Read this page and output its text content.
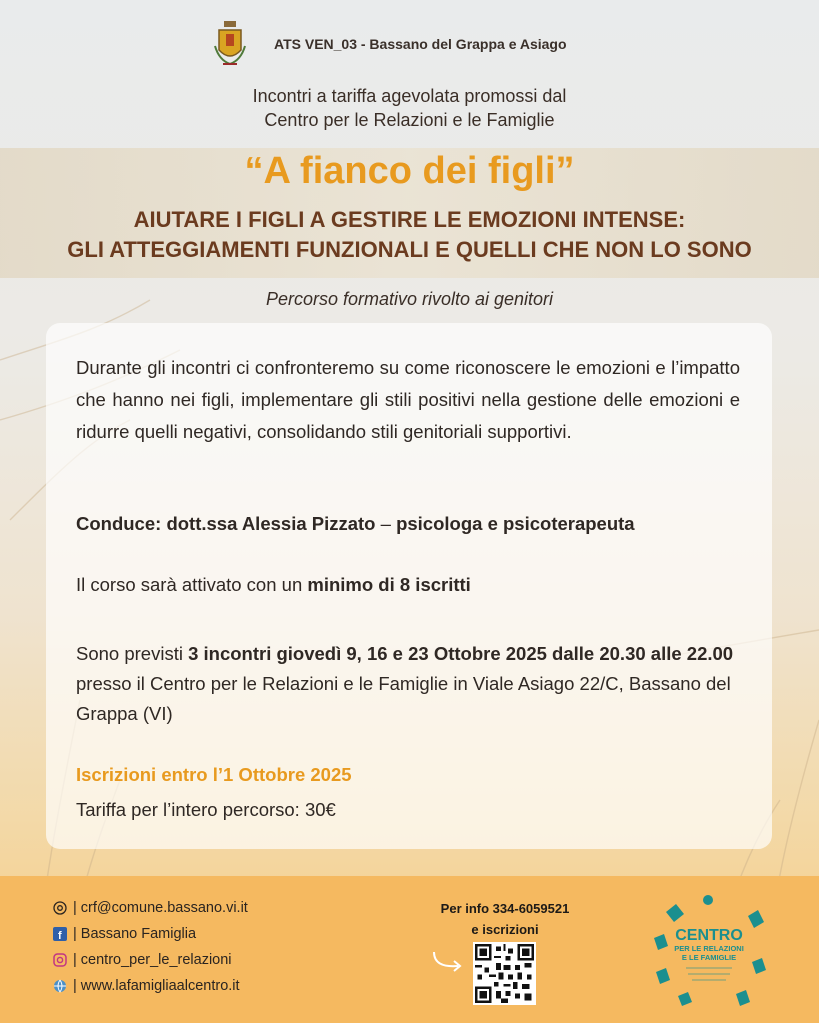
ATS VEN_03 - Bassano del Grappa e Asiago
Incontri a tariffa agevolata promossi dal
Centro per le Relazioni e le Famiglie
“A fianco dei figli”
AIUTARE I FIGLI A GESTIRE LE EMOZIONI INTENSE:
GLI ATTEGGIAMENTI FUNZIONALI E QUELLI CHE NON LO SONO
Percorso formativo rivolto ai genitori
Durante gli incontri ci confronteremo su come riconoscere le emozioni e l’impatto che hanno nei figli, implementare gli stili positivi nella gestione delle emozioni e ridurre quelli negativi, consolidando stili genitoriali supportivi.
Conduce: dott.ssa Alessia Pizzato – psicologa e psicoterapeuta
Il corso sarà attivato con un minimo di 8 iscritti
Sono previsti 3 incontri giovedì 9, 16 e 23 Ottobre 2025 dalle 20.30 alle 22.00 presso il Centro per le Relazioni e le Famiglie in Viale Asiago 22/C, Bassano del Grappa (VI)
Iscrizioni entro l’1 Ottobre 2025
Tariffa per l’intero percorso: 30€
| crf@comune.bassano.vi.it
f | Bassano Famiglia
| centro_per_le_relazioni
| www.lafamigliaalcentro.it
Per info 334-6059521
e iscrizioni	CENTRO
PER LE RELAZIONI
E LE FAMIGLIE
